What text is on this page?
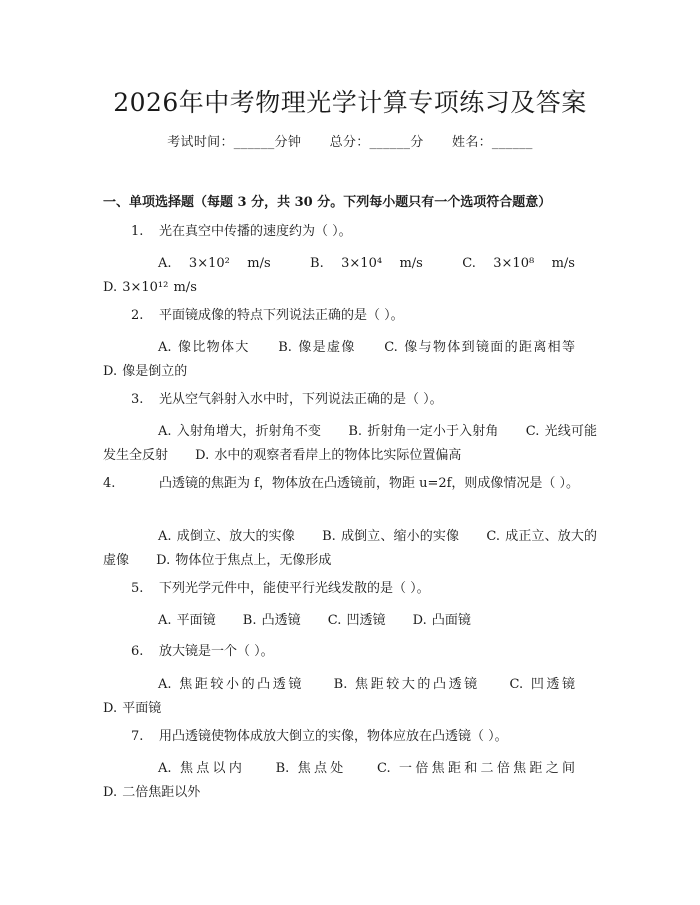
2026年中考物理光学计算专项练习及答案
考试时间：______分钟 总分：______分 姓名：______
一、单项选择题（每题 3 分，共 30 分。下列每小题只有一个选项符合题意）
1. 光在真空中传播的速度约为（ ）。
A. 3×10² m/s	B. 3×10⁴ m/s	C. 3×10⁸ m/s D. 3×10¹² m/s
2. 平面镜成像的特点下列说法正确的是（ ）。
A. 像比物体大 B. 像是虚像 C. 像与物体到镜面的距离相等 D. 像是倒立的
3. 光从空气斜射入水中时，下列说法正确的是（ ）。
A. 入射角增大，折射角不变 B. 折射角一定小于入射角 C. 光线可能发生全反射 D. 水中的观察者看岸上的物体比实际位置偏高
4.	凸透镜的焦距为 f，物体放在凸透镜前，物距 u=2f，则成像情况是（ ）。
A. 成倒立、放大的实像 B. 成倒立、缩小的实像 C. 成正立、放大的虚像 D. 物体位于焦点上，无像形成
5. 下列光学元件中，能使平行光线发散的是（ ）。
A. 平面镜 B. 凸透镜 C. 凹透镜 D. 凸面镜
6. 放大镜是一个（ ）。
A. 焦距较小的凸透镜 B. 焦距较大的凸透镜 C. 凹透镜 D. 平面镜
7. 用凸透镜使物体成放大倒立的实像，物体应放在凸透镜（ ）。
A. 焦点以内 B. 焦点处 C. 一倍焦距和二倍焦距之间 D. 二倍焦距以外
